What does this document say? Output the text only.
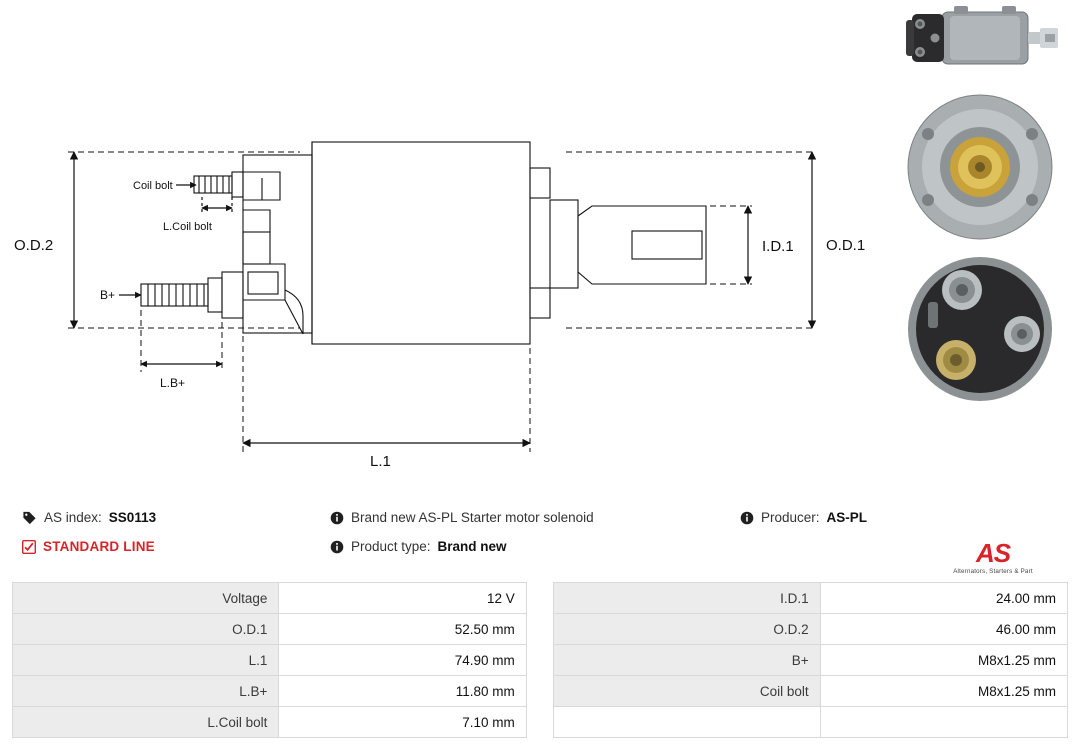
O.D.2	O.D.1
I.D.1
L.1
L.B+
B+
Coil bolt
L.Coil bolt
AS index: SS0113
STANDARD LINE
Brand new AS-PL Starter motor solenoid
Product type: Brand new
Producer: AS-PL
AS
Alternators, Starters & Part
Voltage	12 V		I.D.1	24.00 mm
O.D.1	52.50 mm		O.D.2	46.00 mm
L.1	74.90 mm		B+	M8x1.25 mm
L.B+	11.80 mm		Coil bolt	M8x1.25 mm
L.Coil bolt	7.10 mm			
